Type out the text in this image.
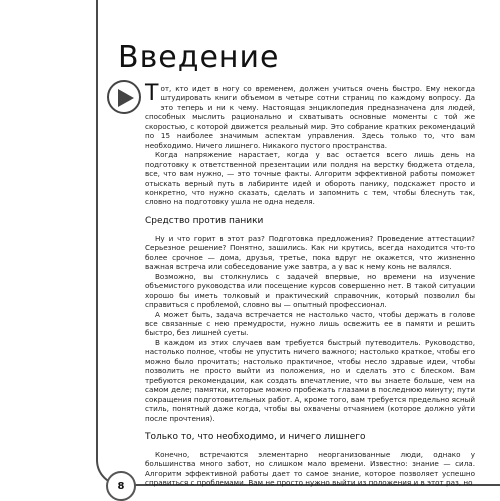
Введение

Тот, кто идет в ногу со временем, должен учиться очень быстро. Ему некогда штудировать книги объемом в четыре сотни страниц по каждому вопросу. Да это теперь и ни к чему. Настоящая энциклопедия предназначена для людей, способных мыслить рационально и схватывать основные моменты с той же скоростью, с которой движется реальный мир. Это собрание кратких рекомендаций по 15 наиболее значимым аспектам управления. Здесь только то, что вам необходимо. Ничего лишнего. Никакого пустого пространства.

Когда напряжение нарастает, когда у вас остается всего лишь день на подготовку к ответственной презентации или полдня на верстку бюджета отдела, все, что вам нужно, — это точные факты. Алгоритм эффективной работы поможет отыскать верный путь в лабиринте идей и обороть панику, подскажет просто и конкретно, что нужно сказать, сделать и запомнить с тем, чтобы блеснуть так, словно на подготовку ушла не одна неделя.

Средство против паники

Ну и что горит в этот раз? Подготовка предложения? Проведение аттестации? Серьезное решение? Понятно, зашились. Как ни крутись, всегда находится что-то более срочное — дома, друзья, третье, пока вдруг не окажется, что жизненно важная встреча или собеседование уже завтра, а у вас к нему конь не валялся.

Возможно, вы столкнулись с задачей впервые, но времени на изучение объемистого руководства или посещение курсов совершенно нет. В такой ситуации хорошо бы иметь толковый и практический справочник, который позволил бы справиться с проблемой, словно вы — опытный профессионал.

А может быть, задача встречается не настолько часто, чтобы держать в голове все связанные с нею премудрости, нужно лишь освежить ее в памяти и решить быстро, без лишней суеты.

В каждом из этих случаев вам требуется быстрый путеводитель. Руководство, настолько полное, чтобы не упустить ничего важного; настолько краткое, чтобы его можно было прочитать; настолько практичное, чтобы несло здравые идеи, чтобы позволить не просто выйти из положения, но и сделать это с блеском. Вам требуются рекомендации, как создать впечатление, что вы знаете больше, чем на самом деле; памятки, которые можно пробежать глазами в последнюю минуту; пути сокращения подготовительных работ. А, кроме того, вам требуется предельно ясный стиль, понятный даже когда, чтобы вы охвачены отчаянием (которое должно уйти после прочтения).

Только то, что необходимо, и ничего лишнего

Конечно, встречаются элементарно неорганизованные люди, однако у большинства много забот, но слишком мало времени. Известно: знание — сила. Алгоритм эффективной работы дает то самое знание, которое позволяет успешно справиться с проблемами. Вам не просто нужно выйти из положения и в этот раз, но

8
